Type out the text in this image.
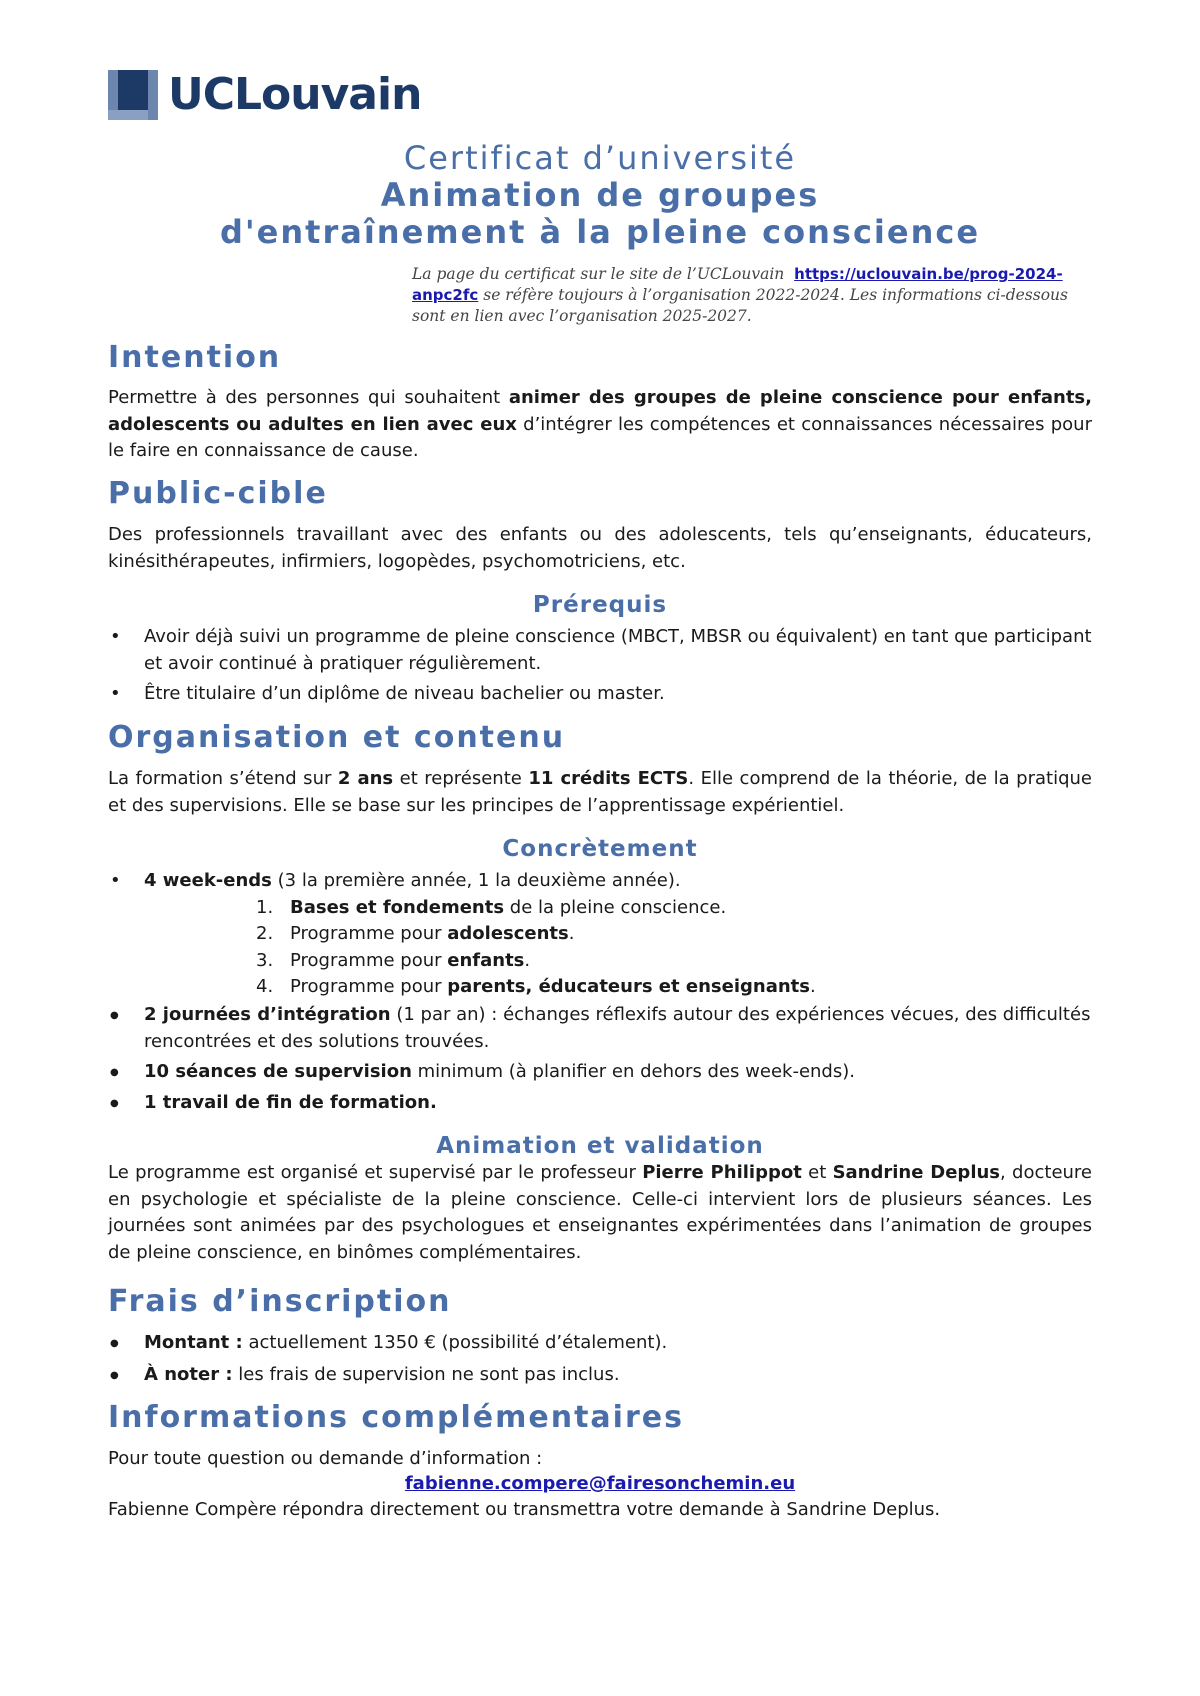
UCLouvain
Certificat d’université
Animation de groupes
d'entraînement à la pleine conscience
La page du certificat sur le site de l’UCLouvain https://uclouvain.be/prog-2024-anpc2fc se réfère toujours à l’organisation 2022-2024. Les informations ci-dessous sont en lien avec l’organisation 2025-2027.
Intention

Permettre à des personnes qui souhaitent animer des groupes de pleine conscience pour enfants, adolescents ou adultes en lien avec eux d’intégrer les compétences et connaissances nécessaires pour le faire en connaissance de cause.

Public-cible

Des professionnels travaillant avec des enfants ou des adolescents, tels qu’enseignants, éducateurs, kinésithérapeutes, infirmiers, logopèdes, psychomotriciens, etc.

Prérequis
• Avoir déjà suivi un programme de pleine conscience (MBCT, MBSR ou équivalent) en tant que participant et avoir continué à pratiquer régulièrement.
• Être titulaire d’un diplôme de niveau bachelier ou master.
Organisation et contenu

La formation s’étend sur 2 ans et représente 11 crédits ECTS. Elle comprend de la théorie, de la pratique et des supervisions. Elle se base sur les principes de l’apprentissage expérientiel.

Concrètement
• 4 week-ends (3 la première année, 1 la deuxième année).
1. Bases et fondements de la pleine conscience.
2. Programme pour adolescents.
3. Programme pour enfants.
4. Programme pour parents, éducateurs et enseignants.
● 2 journées d’intégration (1 par an) : échanges réflexifs autour des expériences vécues, des difficultés rencontrées et des solutions trouvées.
● 10 séances de supervision minimum (à planifier en dehors des week-ends).
● 1 travail de fin de formation.
Animation et validation

Le programme est organisé et supervisé par le professeur Pierre Philippot et Sandrine Deplus, docteure en psychologie et spécialiste de la pleine conscience. Celle-ci intervient lors de plusieurs séances. Les journées sont animées par des psychologues et enseignantes expérimentées dans l’animation de groupes de pleine conscience, en binômes complémentaires.

Frais d’inscription
● Montant : actuellement 1350 € (possibilité d’étalement).
● À noter : les frais de supervision ne sont pas inclus.
Informations complémentaires

Pour toute question ou demande d’information :

fabienne.compere@fairesonchemin.eu

Fabienne Compère répondra directement ou transmettra votre demande à Sandrine Deplus.
